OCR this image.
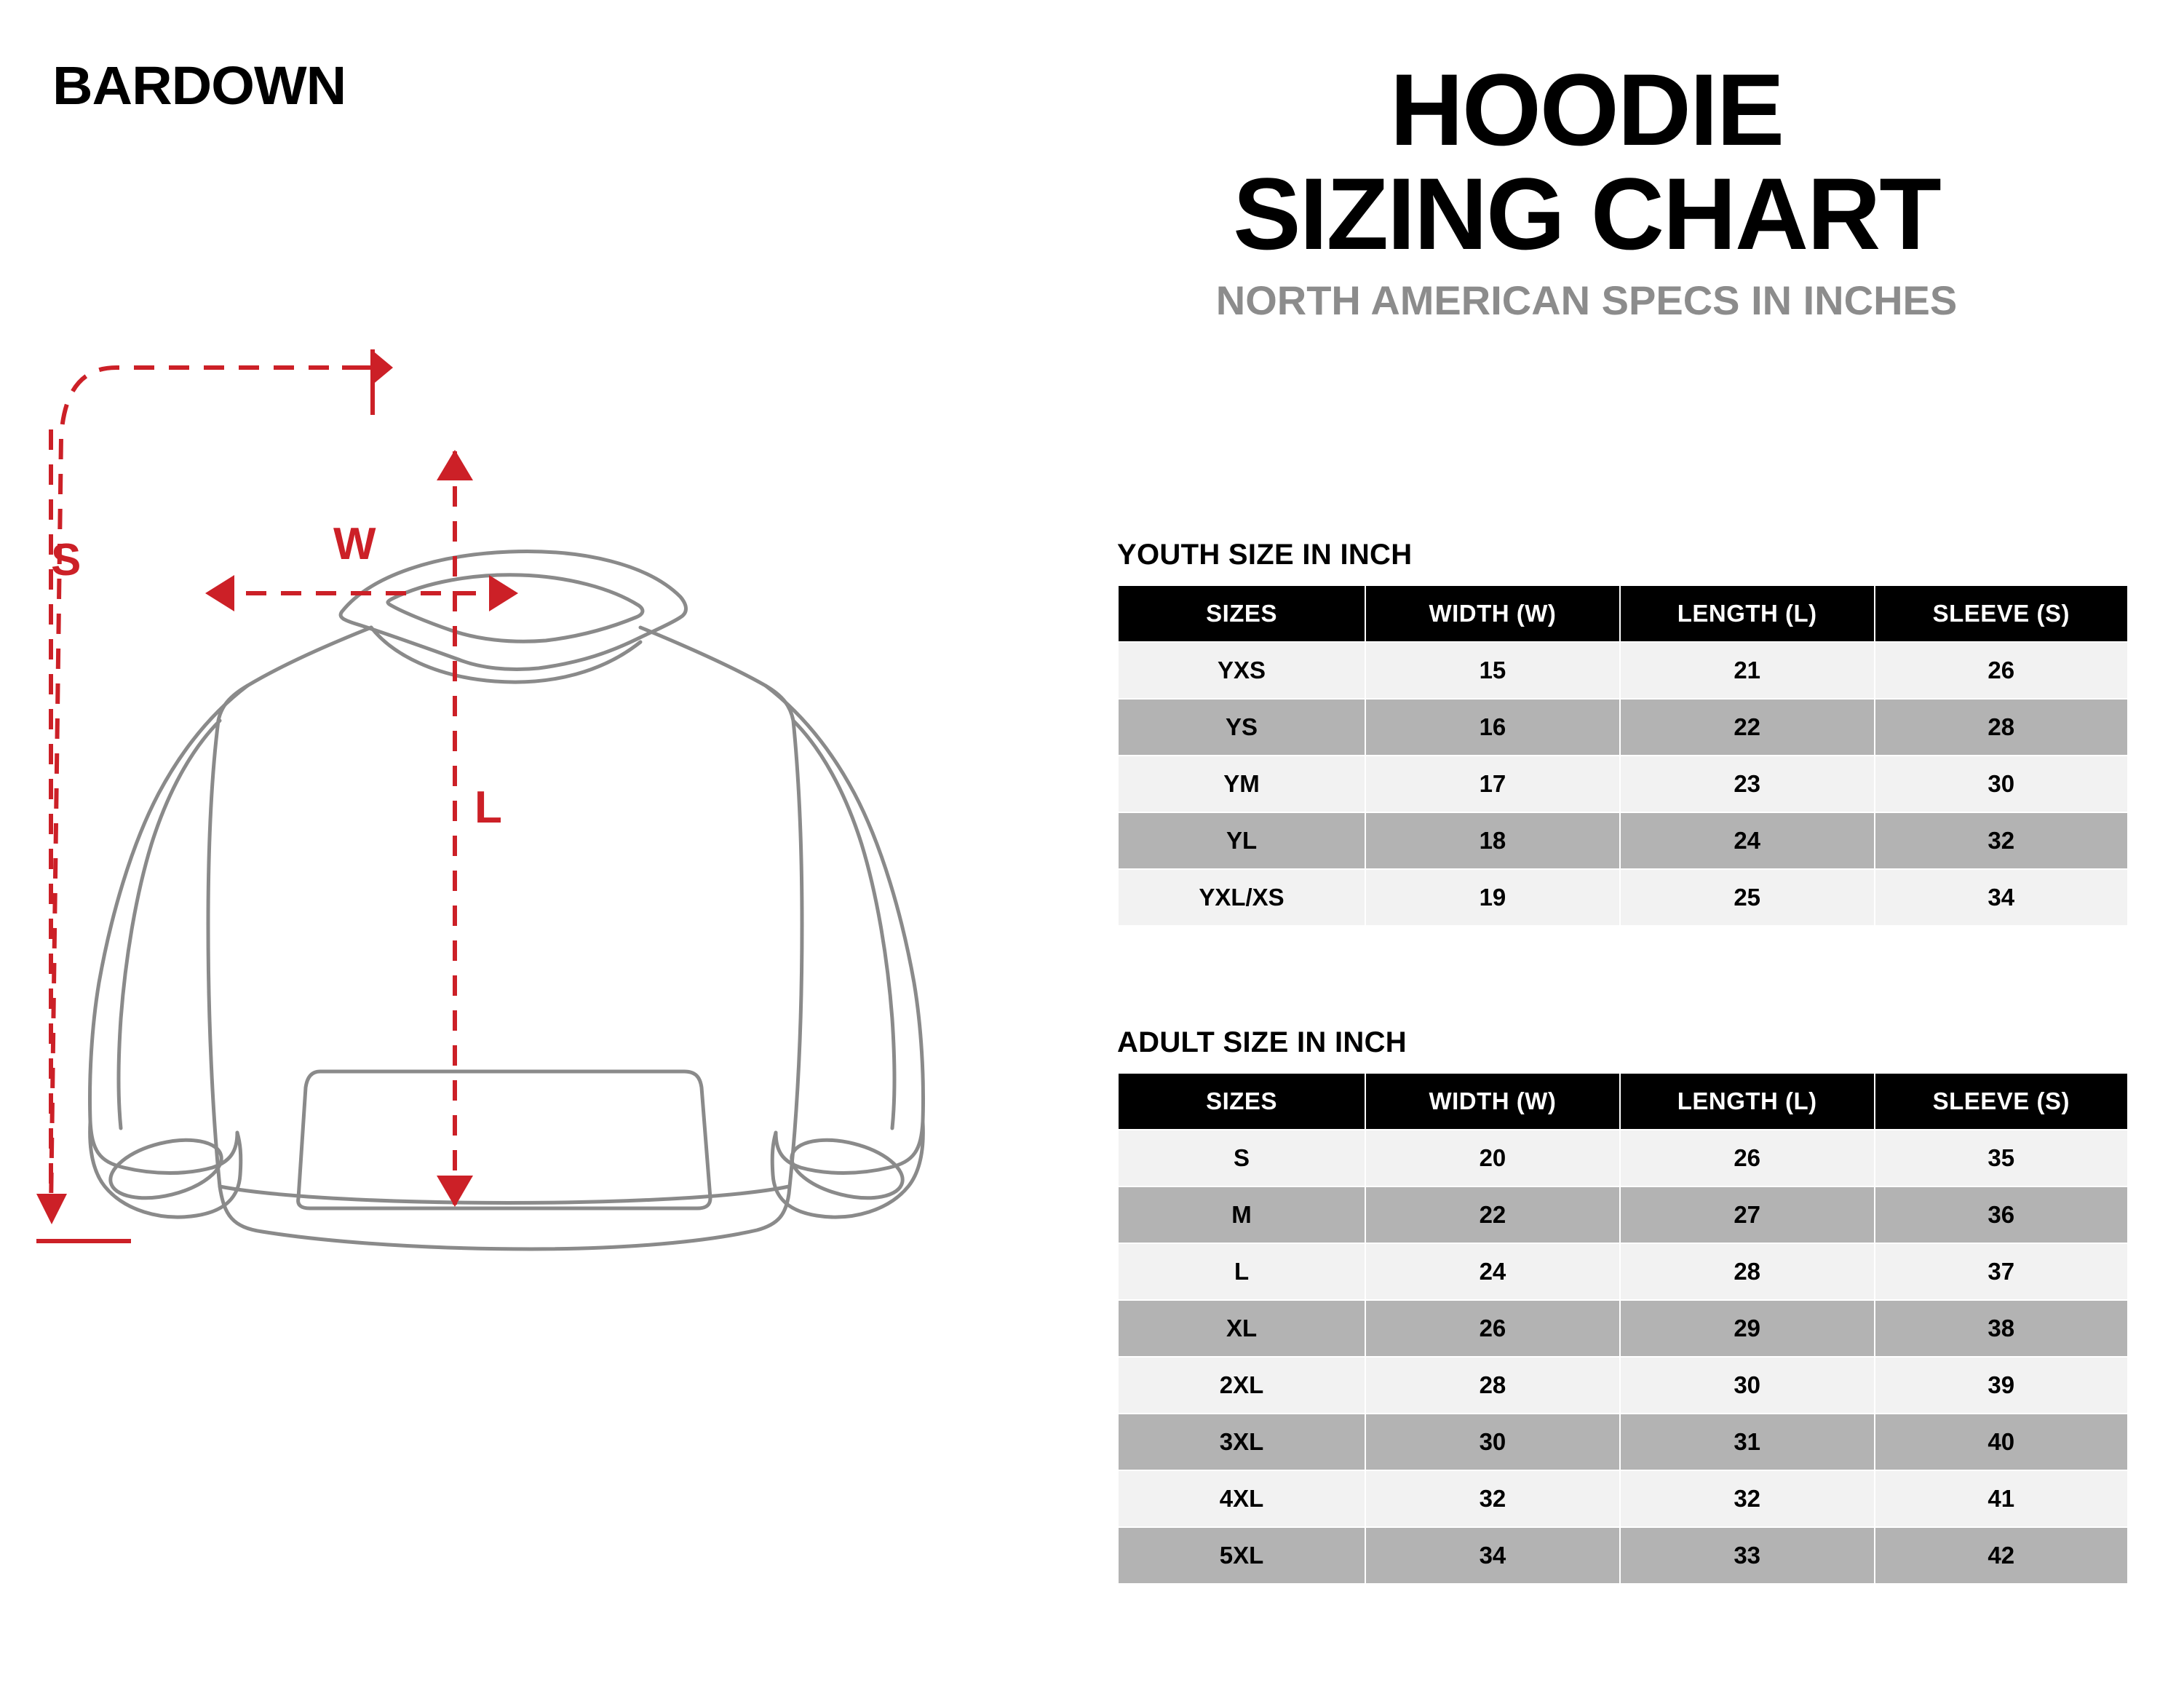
BARDOWN	HOODIE
SIZING CHART
NORTH AMERICAN SPECS IN INCHES
S	W
L
YOUTH SIZE IN INCH
SIZES	WIDTH (W)	LENGTH (L)	SLEEVE (S)
YXS	15	21	26
YS	16	22	28
YM	17	23	30
YL	18	24	32
YXL/XS	19	25	34
ADULT SIZE IN INCH
SIZES	WIDTH (W)	LENGTH (L)	SLEEVE (S)
S	20	26	35
M	22	27	36
L	24	28	37
XL	26	29	38
2XL	28	30	39
3XL	30	31	40
4XL	32	32	41
5XL	34	33	42
